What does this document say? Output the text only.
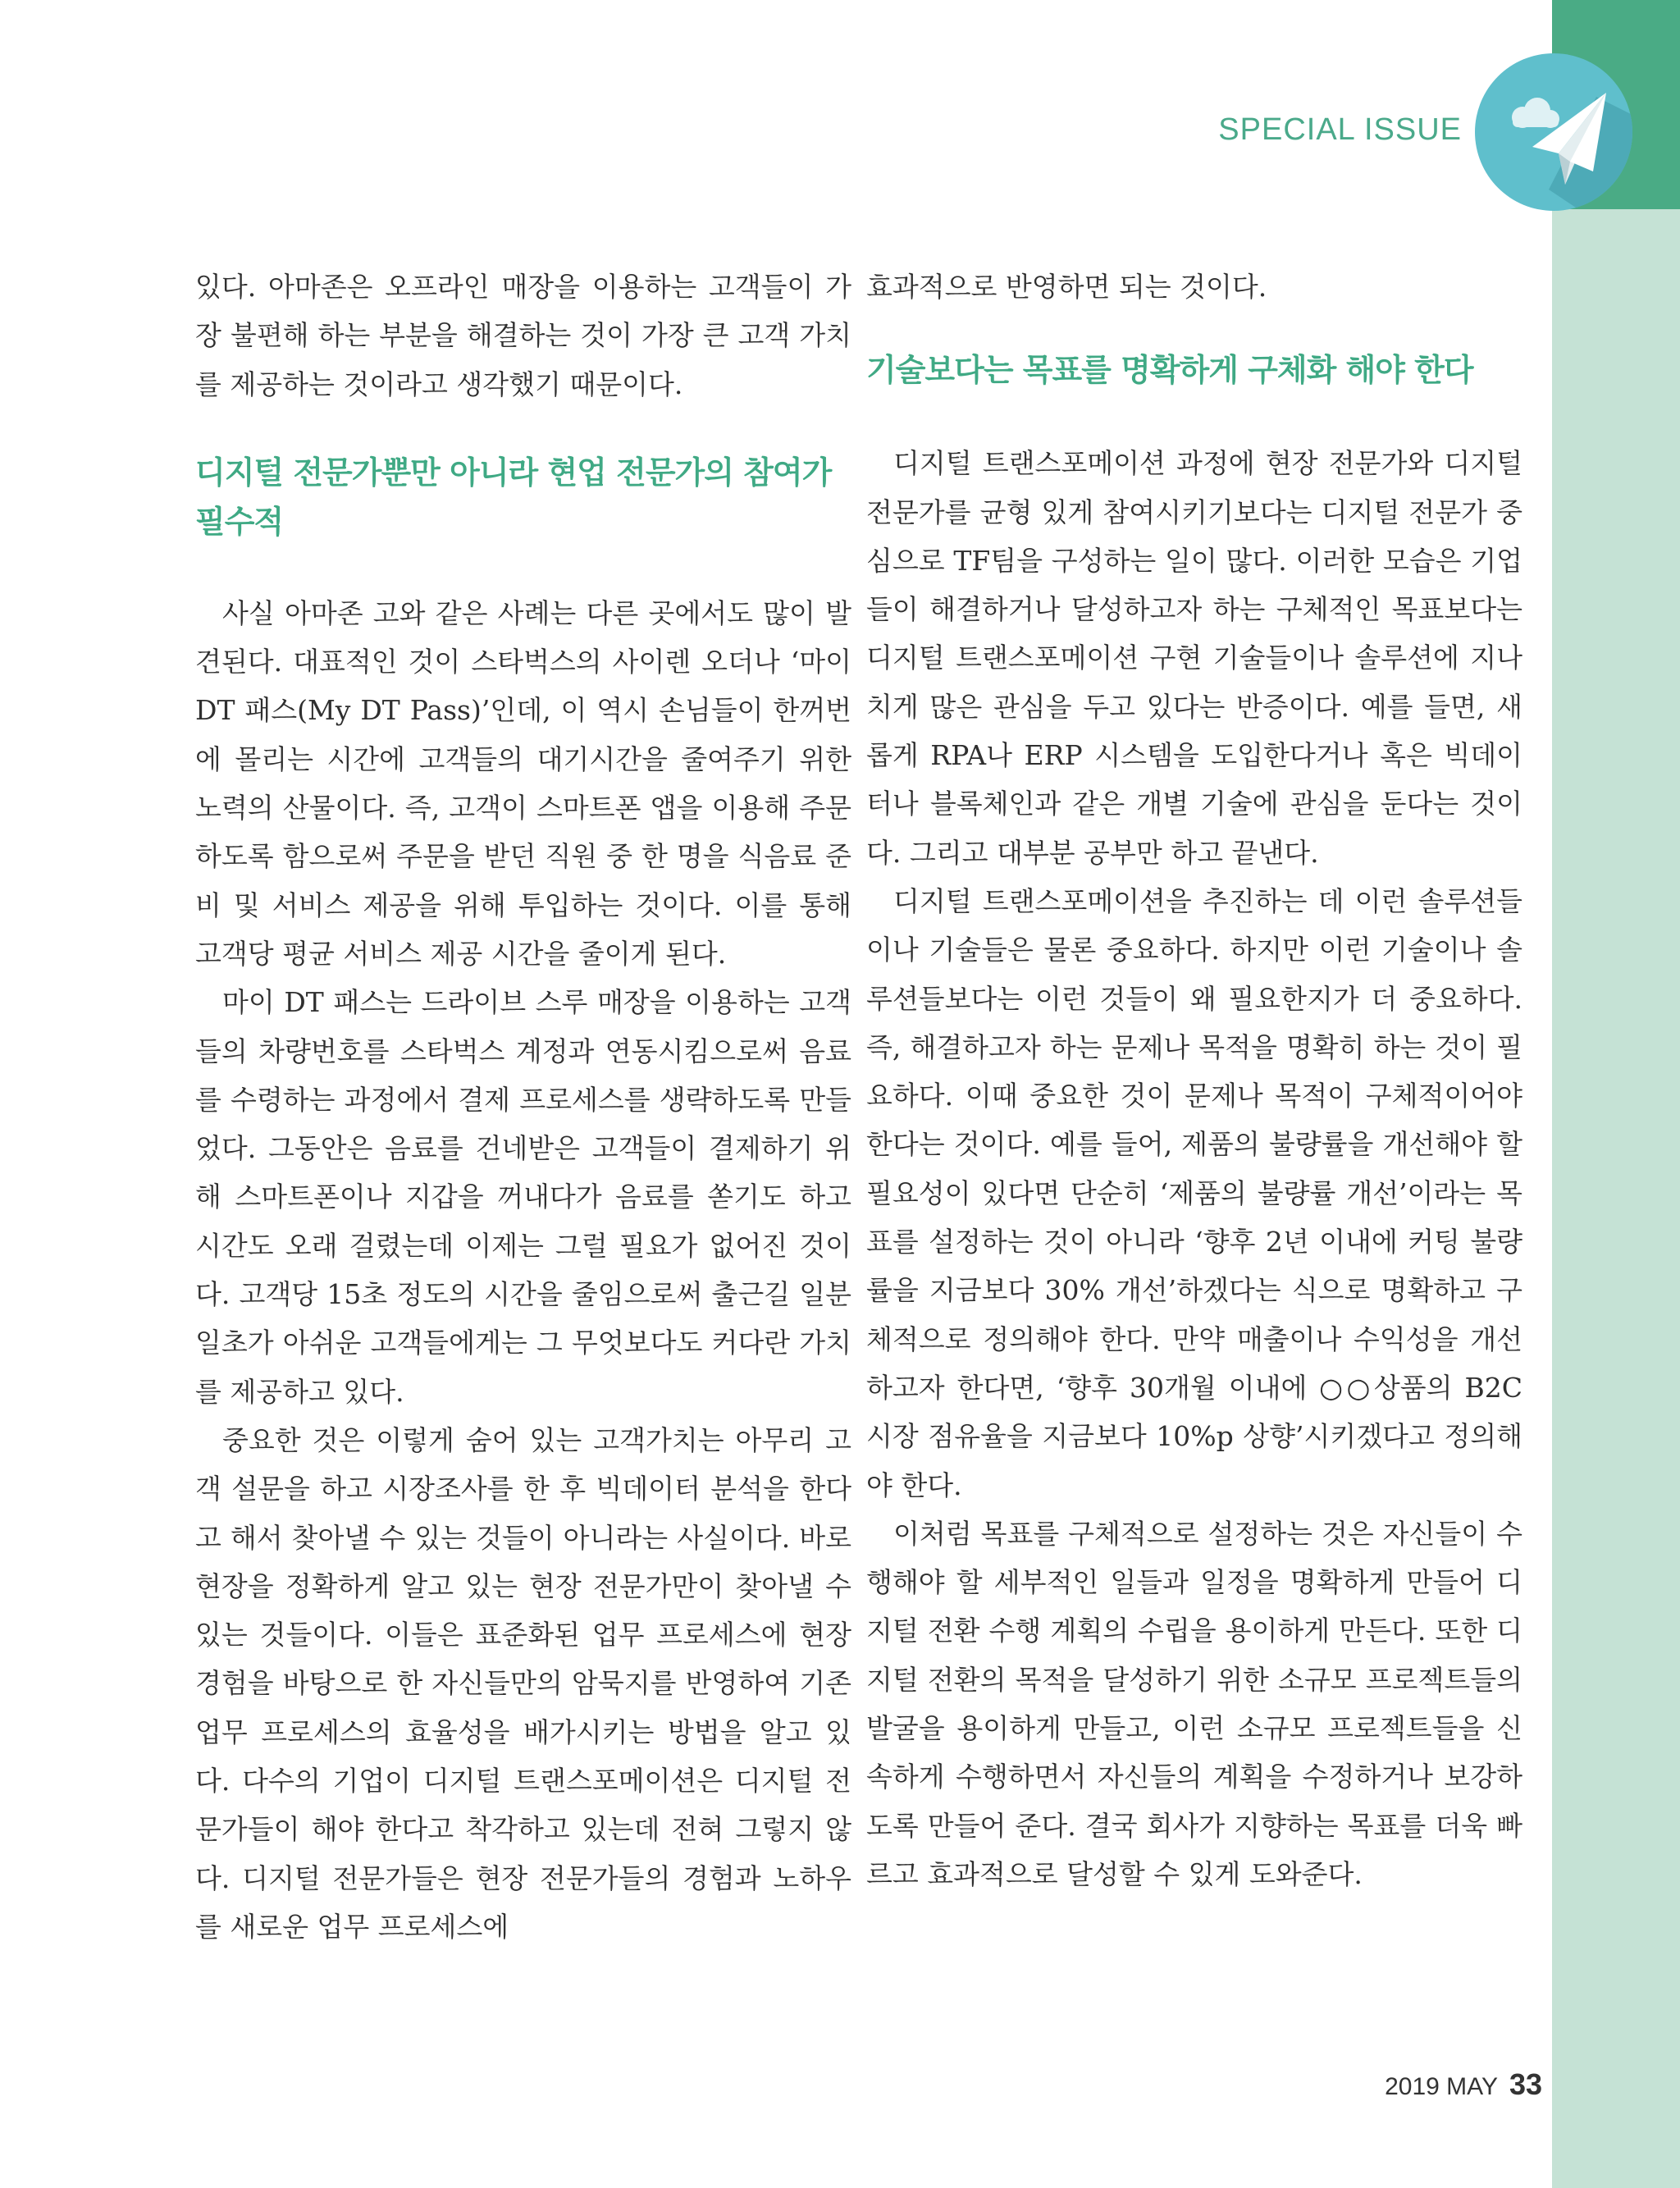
SPECIAL ISSUE

있다. 아마존은 오프라인 매장을 이용하는 고객들이 가장 불편해 하는 부분을 해결하는 것이 가장 큰 고객 가치를 제공하는 것이라고 생각했기 때문이다.

디지털 전문가뿐만 아니라 현업 전문가의 참여가 필수적

사실 아마존 고와 같은 사례는 다른 곳에서도 많이 발견된다. 대표적인 것이 스타벅스의 사이렌 오더나 ‘마이 DT 패스(My DT Pass)’인데, 이 역시 손님들이 한꺼번에 몰리는 시간에 고객들의 대기시간을 줄여주기 위한 노력의 산물이다. 즉, 고객이 스마트폰 앱을 이용해 주문하도록 함으로써 주문을 받던 직원 중 한 명을 식음료 준비 및 서비스 제공을 위해 투입하는 것이다. 이를 통해 고객당 평균 서비스 제공 시간을 줄이게 된다.

마이 DT 패스는 드라이브 스루 매장을 이용하는 고객들의 차량번호를 스타벅스 계정과 연동시킴으로써 음료를 수령하는 과정에서 결제 프로세스를 생략하도록 만들었다. 그동안은 음료를 건네받은 고객들이 결제하기 위해 스마트폰이나 지갑을 꺼내다가 음료를 쏟기도 하고 시간도 오래 걸렸는데 이제는 그럴 필요가 없어진 것이다. 고객당 15초 정도의 시간을 줄임으로써 출근길 일분일초가 아쉬운 고객들에게는 그 무엇보다도 커다란 가치를 제공하고 있다.

중요한 것은 이렇게 숨어 있는 고객가치는 아무리 고객 설문을 하고 시장조사를 한 후 빅데이터 분석을 한다고 해서 찾아낼 수 있는 것들이 아니라는 사실이다. 바로 현장을 정확하게 알고 있는 현장 전문가만이 찾아낼 수 있는 것들이다. 이들은 표준화된 업무 프로세스에 현장 경험을 바탕으로 한 자신들만의 암묵지를 반영하여 기존 업무 프로세스의 효율성을 배가시키는 방법을 알고 있다. 다수의 기업이 디지털 트랜스포메이션은 디지털 전문가들이 해야 한다고 착각하고 있는데 전혀 그렇지 않다. 디지털 전문가들은 현장 전문가들의 경험과 노하우를 새로운 업무 프로세스에

효과적으로 반영하면 되는 것이다.

기술보다는 목표를 명확하게 구체화 해야 한다

디지털 트랜스포메이션 과정에 현장 전문가와 디지털 전문가를 균형 있게 참여시키기보다는 디지털 전문가 중심으로 TF팀을 구성하는 일이 많다. 이러한 모습은 기업들이 해결하거나 달성하고자 하는 구체적인 목표보다는 디지털 트랜스포메이션 구현 기술들이나 솔루션에 지나치게 많은 관심을 두고 있다는 반증이다. 예를 들면, 새롭게 RPA나 ERP 시스템을 도입한다거나 혹은 빅데이터나 블록체인과 같은 개별 기술에 관심을 둔다는 것이다. 그리고 대부분 공부만 하고 끝낸다.

디지털 트랜스포메이션을 추진하는 데 이런 솔루션들이나 기술들은 물론 중요하다. 하지만 이런 기술이나 솔루션들보다는 이런 것들이 왜 필요한지가 더 중요하다. 즉, 해결하고자 하는 문제나 목적을 명확히 하는 것이 필요하다. 이때 중요한 것이 문제나 목적이 구체적이어야 한다는 것이다. 예를 들어, 제품의 불량률을 개선해야 할 필요성이 있다면 단순히 ‘제품의 불량률 개선’이라는 목표를 설정하는 것이 아니라 ‘향후 2년 이내에 커팅 불량률을 지금보다 30% 개선’하겠다는 식으로 명확하고 구체적으로 정의해야 한다. 만약 매출이나 수익성을 개선하고자 한다면, ‘향후 30개월 이내에 ○○상품의 B2C 시장 점유율을 지금보다 10%p 상향’시키겠다고 정의해야 한다.

이처럼 목표를 구체적으로 설정하는 것은 자신들이 수행해야 할 세부적인 일들과 일정을 명확하게 만들어 디지털 전환 수행 계획의 수립을 용이하게 만든다. 또한 디지털 전환의 목적을 달성하기 위한 소규모 프로젝트들의 발굴을 용이하게 만들고, 이런 소규모 프로젝트들을 신속하게 수행하면서 자신들의 계획을 수정하거나 보강하도록 만들어 준다. 결국 회사가 지향하는 목표를 더욱 빠르고 효과적으로 달성할 수 있게 도와준다.

2019 MAY 33
